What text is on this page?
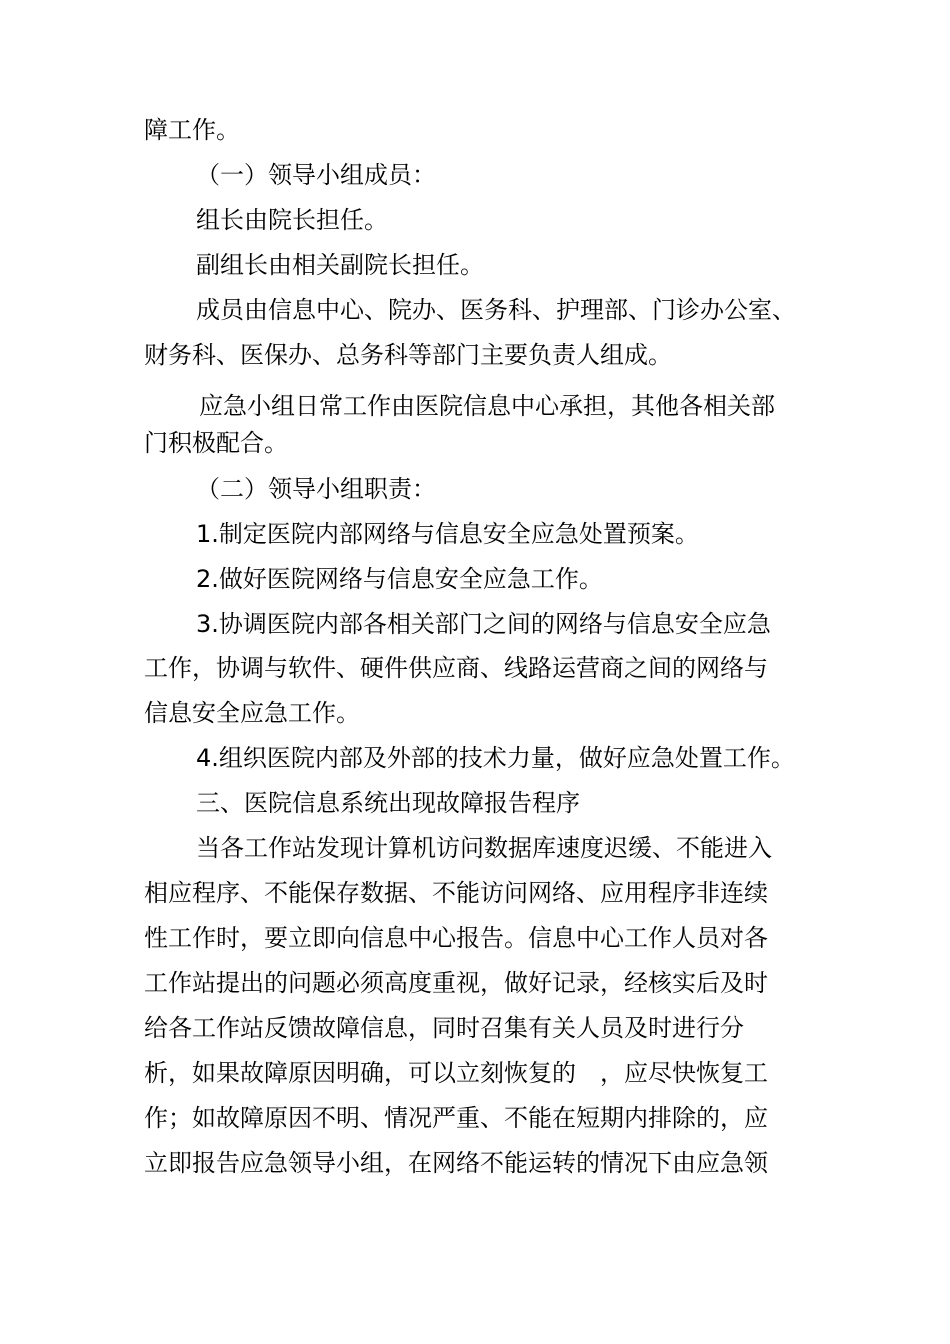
障工作。
（一）领导小组成员：
组长由院长担任。
副组长由相关副院长担任。
成员由信息中心、院办、医务科、护理部、门诊办公室、
财务科、医保办、总务科等部门主要负责人组成。
应急小组日常工作由医院信息中心承担，其他各相关部
门积极配合。
（二）领导小组职责：
1.制定医院内部网络与信息安全应急处置预案。
2.做好医院网络与信息安全应急工作。
3.协调医院内部各相关部门之间的网络与信息安全应急
工作，协调与软件、硬件供应商、线路运营商之间的网络与
信息安全应急工作。
4.组织医院内部及外部的技术力量，做好应急处置工作。
三、医院信息系统出现故障报告程序
当各工作站发现计算机访问数据库速度迟缓、不能进入
相应程序、不能保存数据、不能访问网络、应用程序非连续
性工作时，要立即向信息中心报告。信息中心工作人员对各
工作站提出的问题必须高度重视，做好记录，经核实后及时
给各工作站反馈故障信息，同时召集有关人员及时进行分
析，如果故障原因明确，可以立刻恢复的　，应尽快恢复工
作；如故障原因不明、情况严重、不能在短期内排除的，应
立即报告应急领导小组，在网络不能运转的情况下由应急领
